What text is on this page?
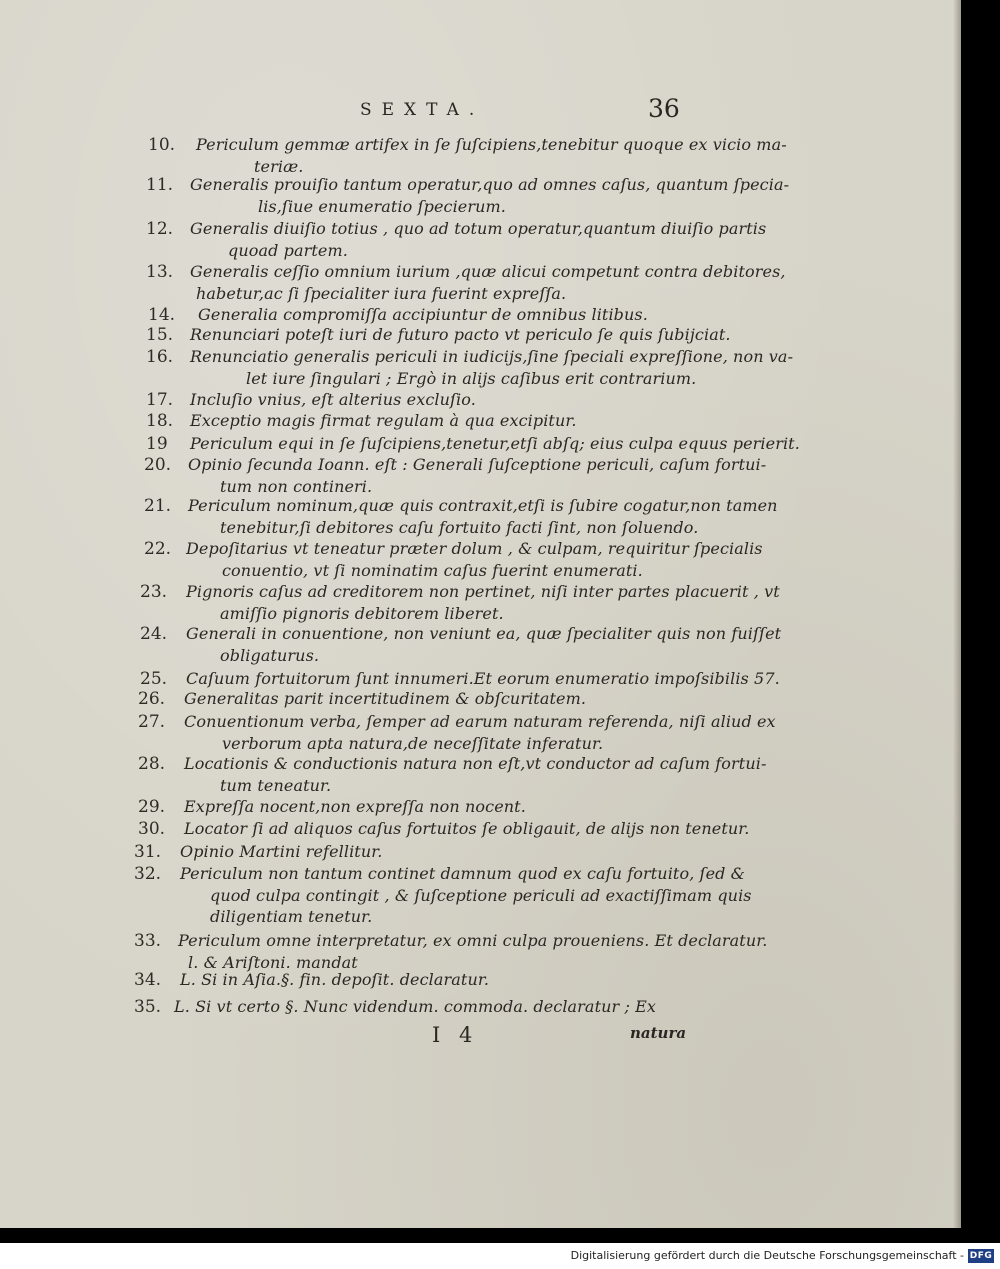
SEXTA.	36
10. Periculum gemmæ artifex in ſe ſuſcipiens,tenebitur quoque ex vicio ma-
teriæ.
11. Generalis prouiſio tantum operatur,quo ad omnes caſus, quantum ſpecia-
lis,ſiue enumeratio ſpecierum.
12. Generalis diuiſio totius , quo ad totum operatur,quantum diuiſio partis
quoad partem.
13. Generalis ceſſio omnium iurium ,quæ alicui competunt contra debitores,
habetur,ac ſi ſpecialiter iura fuerint expreſſa.
14. Generalia compromiſſa accipiuntur de omnibus litibus.
15. Renunciari poteſt iuri de futuro pacto vt periculo ſe quis ſubijciat.
16. Renunciatio generalis periculi in iudicijs,ſine ſpeciali expreſſione, non va-
let iure ſingulari ; Ergò in alijs caſibus erit contrarium.
17. Incluſio vnius, eſt alterius excluſio.
18. Exceptio magis firmat regulam à qua excipitur.
19 Periculum equi in ſe ſuſcipiens,tenetur,etſi abſq; eius culpa equus perierit.
20. Opinio ſecunda Ioann. eſt : Generali ſuſceptione periculi, caſum fortui-
tum non contineri.
21. Periculum nominum,quæ quis contraxit,etſi is ſubire cogatur,non tamen
tenebitur,ſi debitores caſu fortuito facti ſint, non ſoluendo.
22. Depoſitarius vt teneatur præter dolum , & culpam, requiritur ſpecialis
conuentio, vt ſi nominatim caſus fuerint enumerati.
23. Pignoris caſus ad creditorem non pertinet, niſi inter partes placuerit , vt
amiſſio pignoris debitorem liberet.
24. Generali in conuentione, non veniunt ea, quæ ſpecialiter quis non fuiſſet
obligaturus.
25. Caſuum fortuitorum ſunt innumeri.Et eorum enumeratio impoſsibilis 57.
26. Generalitas parit incertitudinem & obſcuritatem.
27. Conuentionum verba, ſemper ad earum naturam referenda, niſi aliud ex
verborum apta natura,de neceſſitate inferatur.
28. Locationis & conductionis natura non eſt,vt conductor ad caſum fortui-
tum teneatur.
29. Expreſſa nocent,non expreſſa non nocent.
30. Locator ſi ad aliquos caſus fortuitos ſe obligauit, de alijs non tenetur.
31. Opinio Martini refellitur.
32. Periculum non tantum continet damnum quod ex caſu fortuito, ſed &
quod culpa contingit , & ſuſceptione periculi ad exactiſſimam quis
diligentiam tenetur.
33. Periculum omne interpretatur, ex omni culpa proueniens. Et declaratur.
l. & Ariſtoni. mandat
34. L. Si in Aſia.§. fin. depoſit. declaratur.
35. L. Si vt certo §. Nunc videndum. commoda. declaratur ; Ex
I 4	natura
Digitalisierung gefördert durch die Deutsche Forschungsgemeinschaft - DFG
